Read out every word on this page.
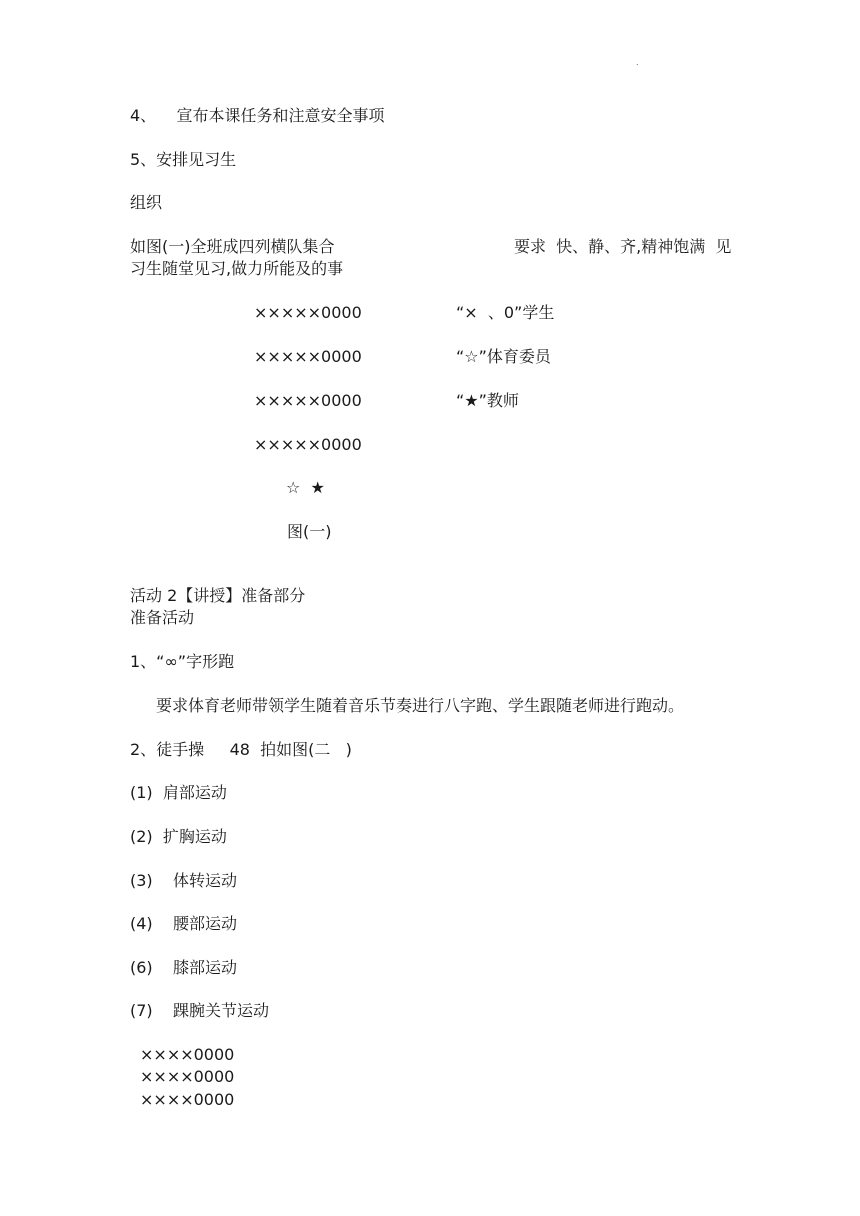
.
4、    宣布本课任务和注意安全事项
5、安排见习生
组织
如图(一)全班成四列横队集合	要求  快、静、齐,精神饱满  见
习生随堂见习,做力所能及的事
×××××0000
×××××0000
×××××0000
×××××0000
“×  、0”学生
“☆”体育委员
“★”教师
☆  ★
图(一)
活动 2【讲授】准备部分
准备活动
1、“∞”字形跑
要求体育老师带领学生随着音乐节奏进行八字跑、学生跟随老师进行跑动。
2、徒手操     48  拍如图(二   )
(1)  肩部运动
(2)  扩胸运动
(3)    体转运动
(4)    腰部运动
(6)    膝部运动
(7)    踝腕关节运动
××××0000
××××0000
××××0000
